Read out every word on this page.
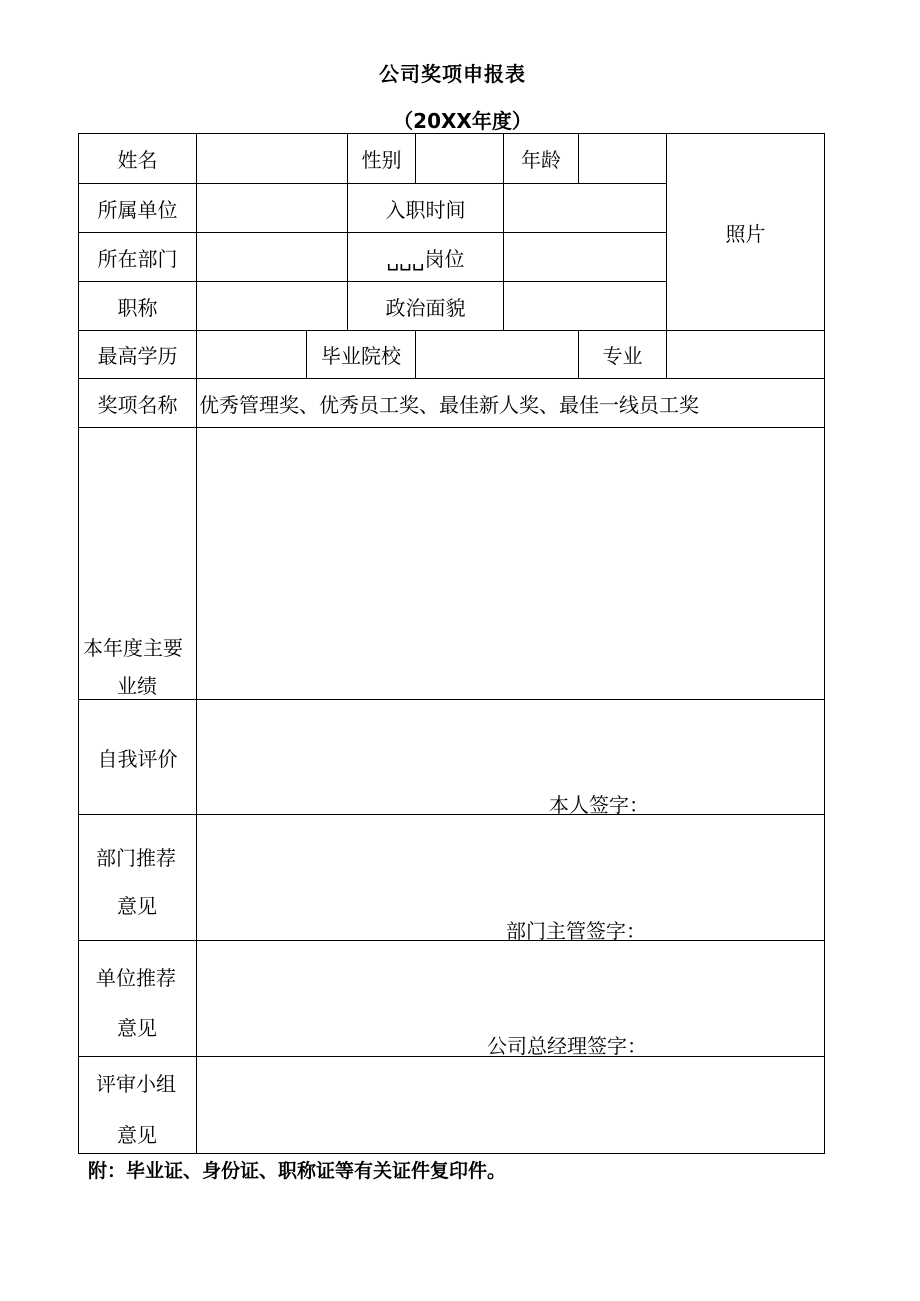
公司奖项申报表
（20XX年度）
姓名	性别	年龄
照片
所属单位	入职时间
所在部门	␣␣␣岗位
职称	政治面貌
最高学历	毕业院校	专业
奖项名称	优秀管理奖、优秀员工奖、最佳新人奖、最佳一线员工奖
本年度主要
业绩
自我评价
本人签字：
部门推荐
意见
部门主管签字：
单位推荐
意见
公司总经理签字：
评审小组
意见
附：毕业证、身份证、职称证等有关证件复印件。
